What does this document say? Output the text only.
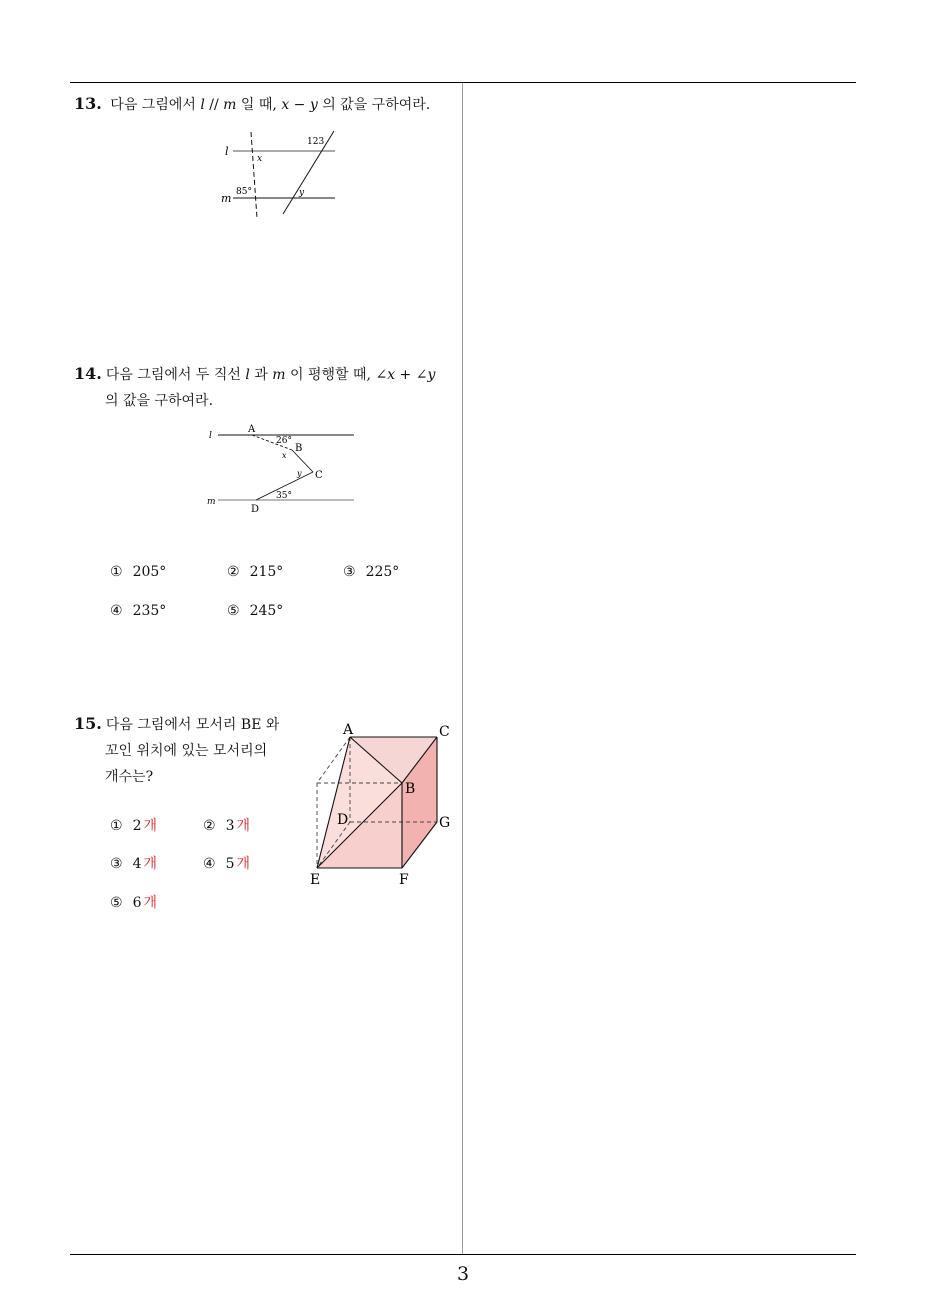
3
13. 다음 그림에서 l // m 일 때, x − y 의 값을 구하여라.
l
m
123
85°
x
y
14. 다음 그림에서 두 직선 l 과 m 이 평행할 때, ∠x + ∠y
의 값을 구하여라.
l
m
A
B
C
D
26°
35°
x
y
① 205°	② 215°	③ 225°
④ 235°	⑤ 245°
15. 다음 그림에서 모서리 BE 와
꼬인 위치에 있는 모서리의
개수는?
A	C
B
D	G
E	F
① 2 개	② 3 개
③ 4 개	④ 5 개
⑤ 6 개
